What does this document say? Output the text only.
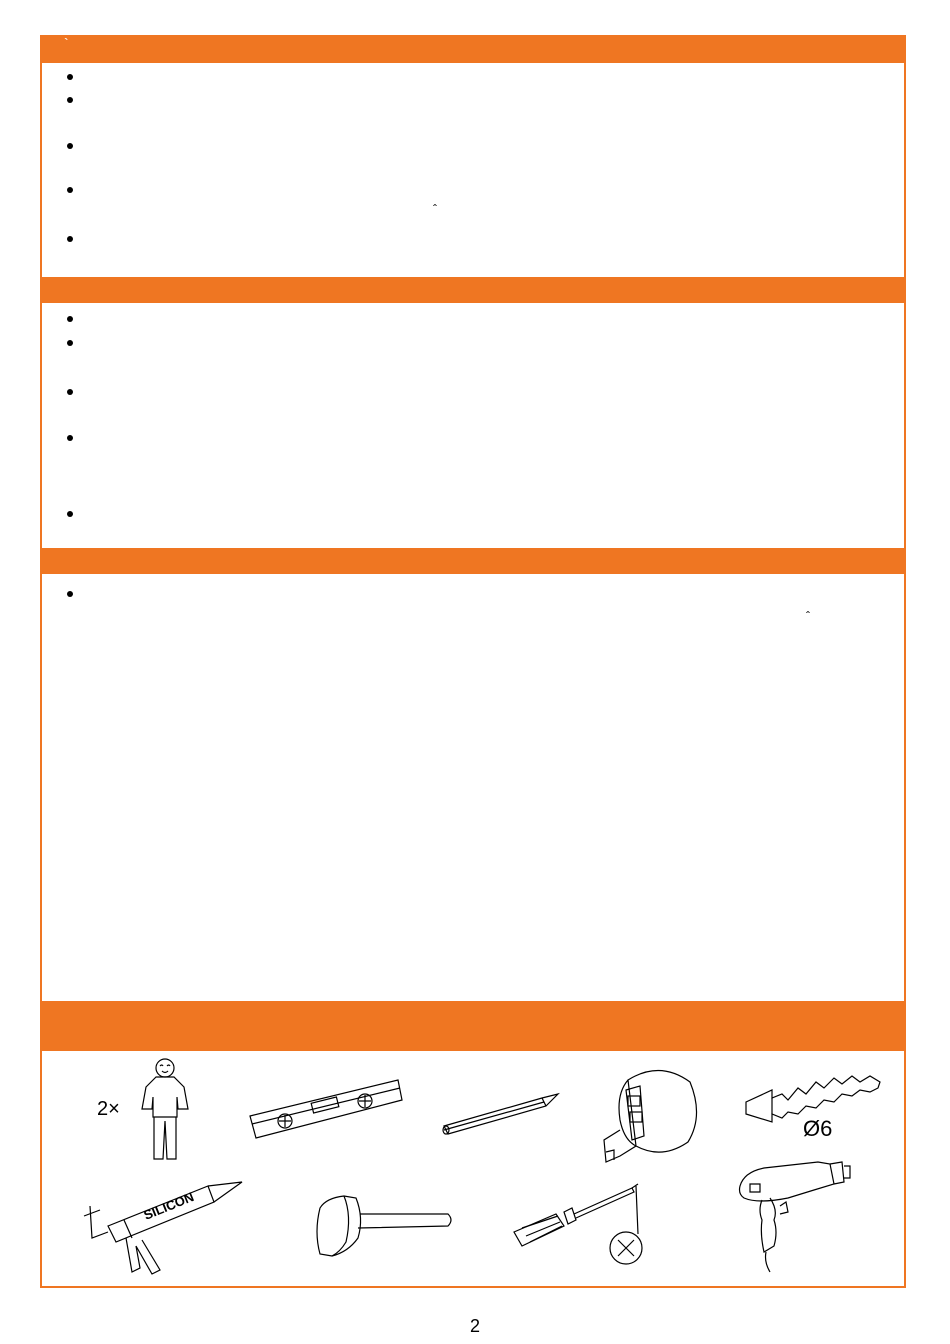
`
ˆ
ˆ
2×
Ø6
SILICON
2
